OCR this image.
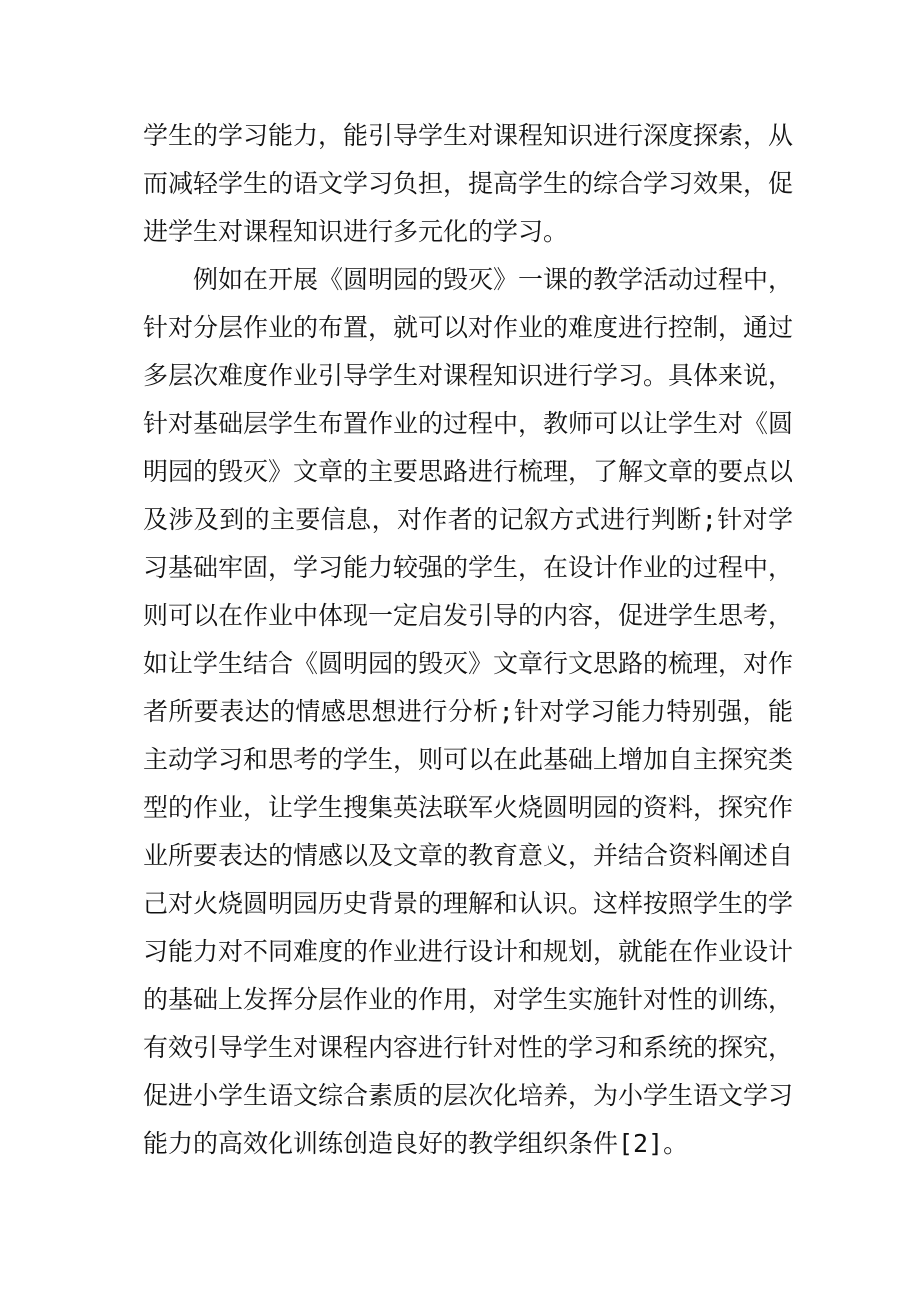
学生的学习能力，能引导学生对课程知识进行深度探索，从
而减轻学生的语文学习负担，提高学生的综合学习效果，促
进学生对课程知识进行多元化的学习。
例如在开展《圆明园的毁灭》一课的教学活动过程中，
针对分层作业的布置，就可以对作业的难度进行控制，通过
多层次难度作业引导学生对课程知识进行学习。具体来说，
针对基础层学生布置作业的过程中，教师可以让学生对《圆
明园的毁灭》文章的主要思路进行梳理，了解文章的要点以
及涉及到的主要信息，对作者的记叙方式进行判断;针对学
习基础牢固，学习能力较强的学生，在设计作业的过程中，
则可以在作业中体现一定启发引导的内容，促进学生思考，
如让学生结合《圆明园的毁灭》文章行文思路的梳理，对作
者所要表达的情感思想进行分析;针对学习能力特别强，能
主动学习和思考的学生，则可以在此基础上增加自主探究类
型的作业，让学生搜集英法联军火烧圆明园的资料，探究作
业所要表达的情感以及文章的教育意义，并结合资料阐述自
己对火烧圆明园历史背景的理解和认识。这样按照学生的学
习能力对不同难度的作业进行设计和规划，就能在作业设计
的基础上发挥分层作业的作用，对学生实施针对性的训练，
有效引导学生对课程内容进行针对性的学习和系统的探究，
促进小学生语文综合素质的层次化培养，为小学生语文学习
能力的高效化训练创造良好的教学组织条件[2]。
